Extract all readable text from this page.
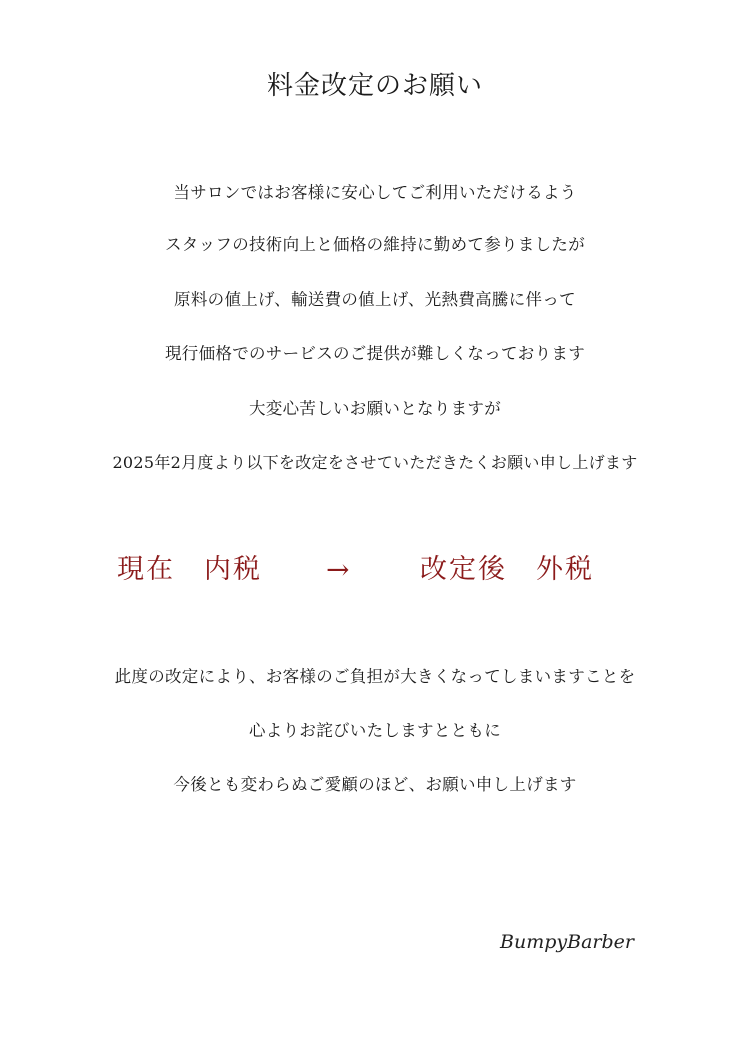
料金改定のお願い
当サロンではお客様に安心してご利用いただけるよう
スタッフの技術向上と価格の維持に勤めて参りましたが
原料の値上げ、輸送費の値上げ、光熱費高騰に伴って
現行価格でのサービスのご提供が難しくなっております
大変心苦しいお願いとなりますが
2025年2月度より以下を改定をさせていただきたくお願い申し上げます
現在　内税 →	改定後　外税
此度の改定により、お客様のご負担が大きくなってしまいますことを
心よりお詫びいたしますとともに
今後とも変わらぬご愛顧のほど、お願い申し上げます
BumpyBarber
